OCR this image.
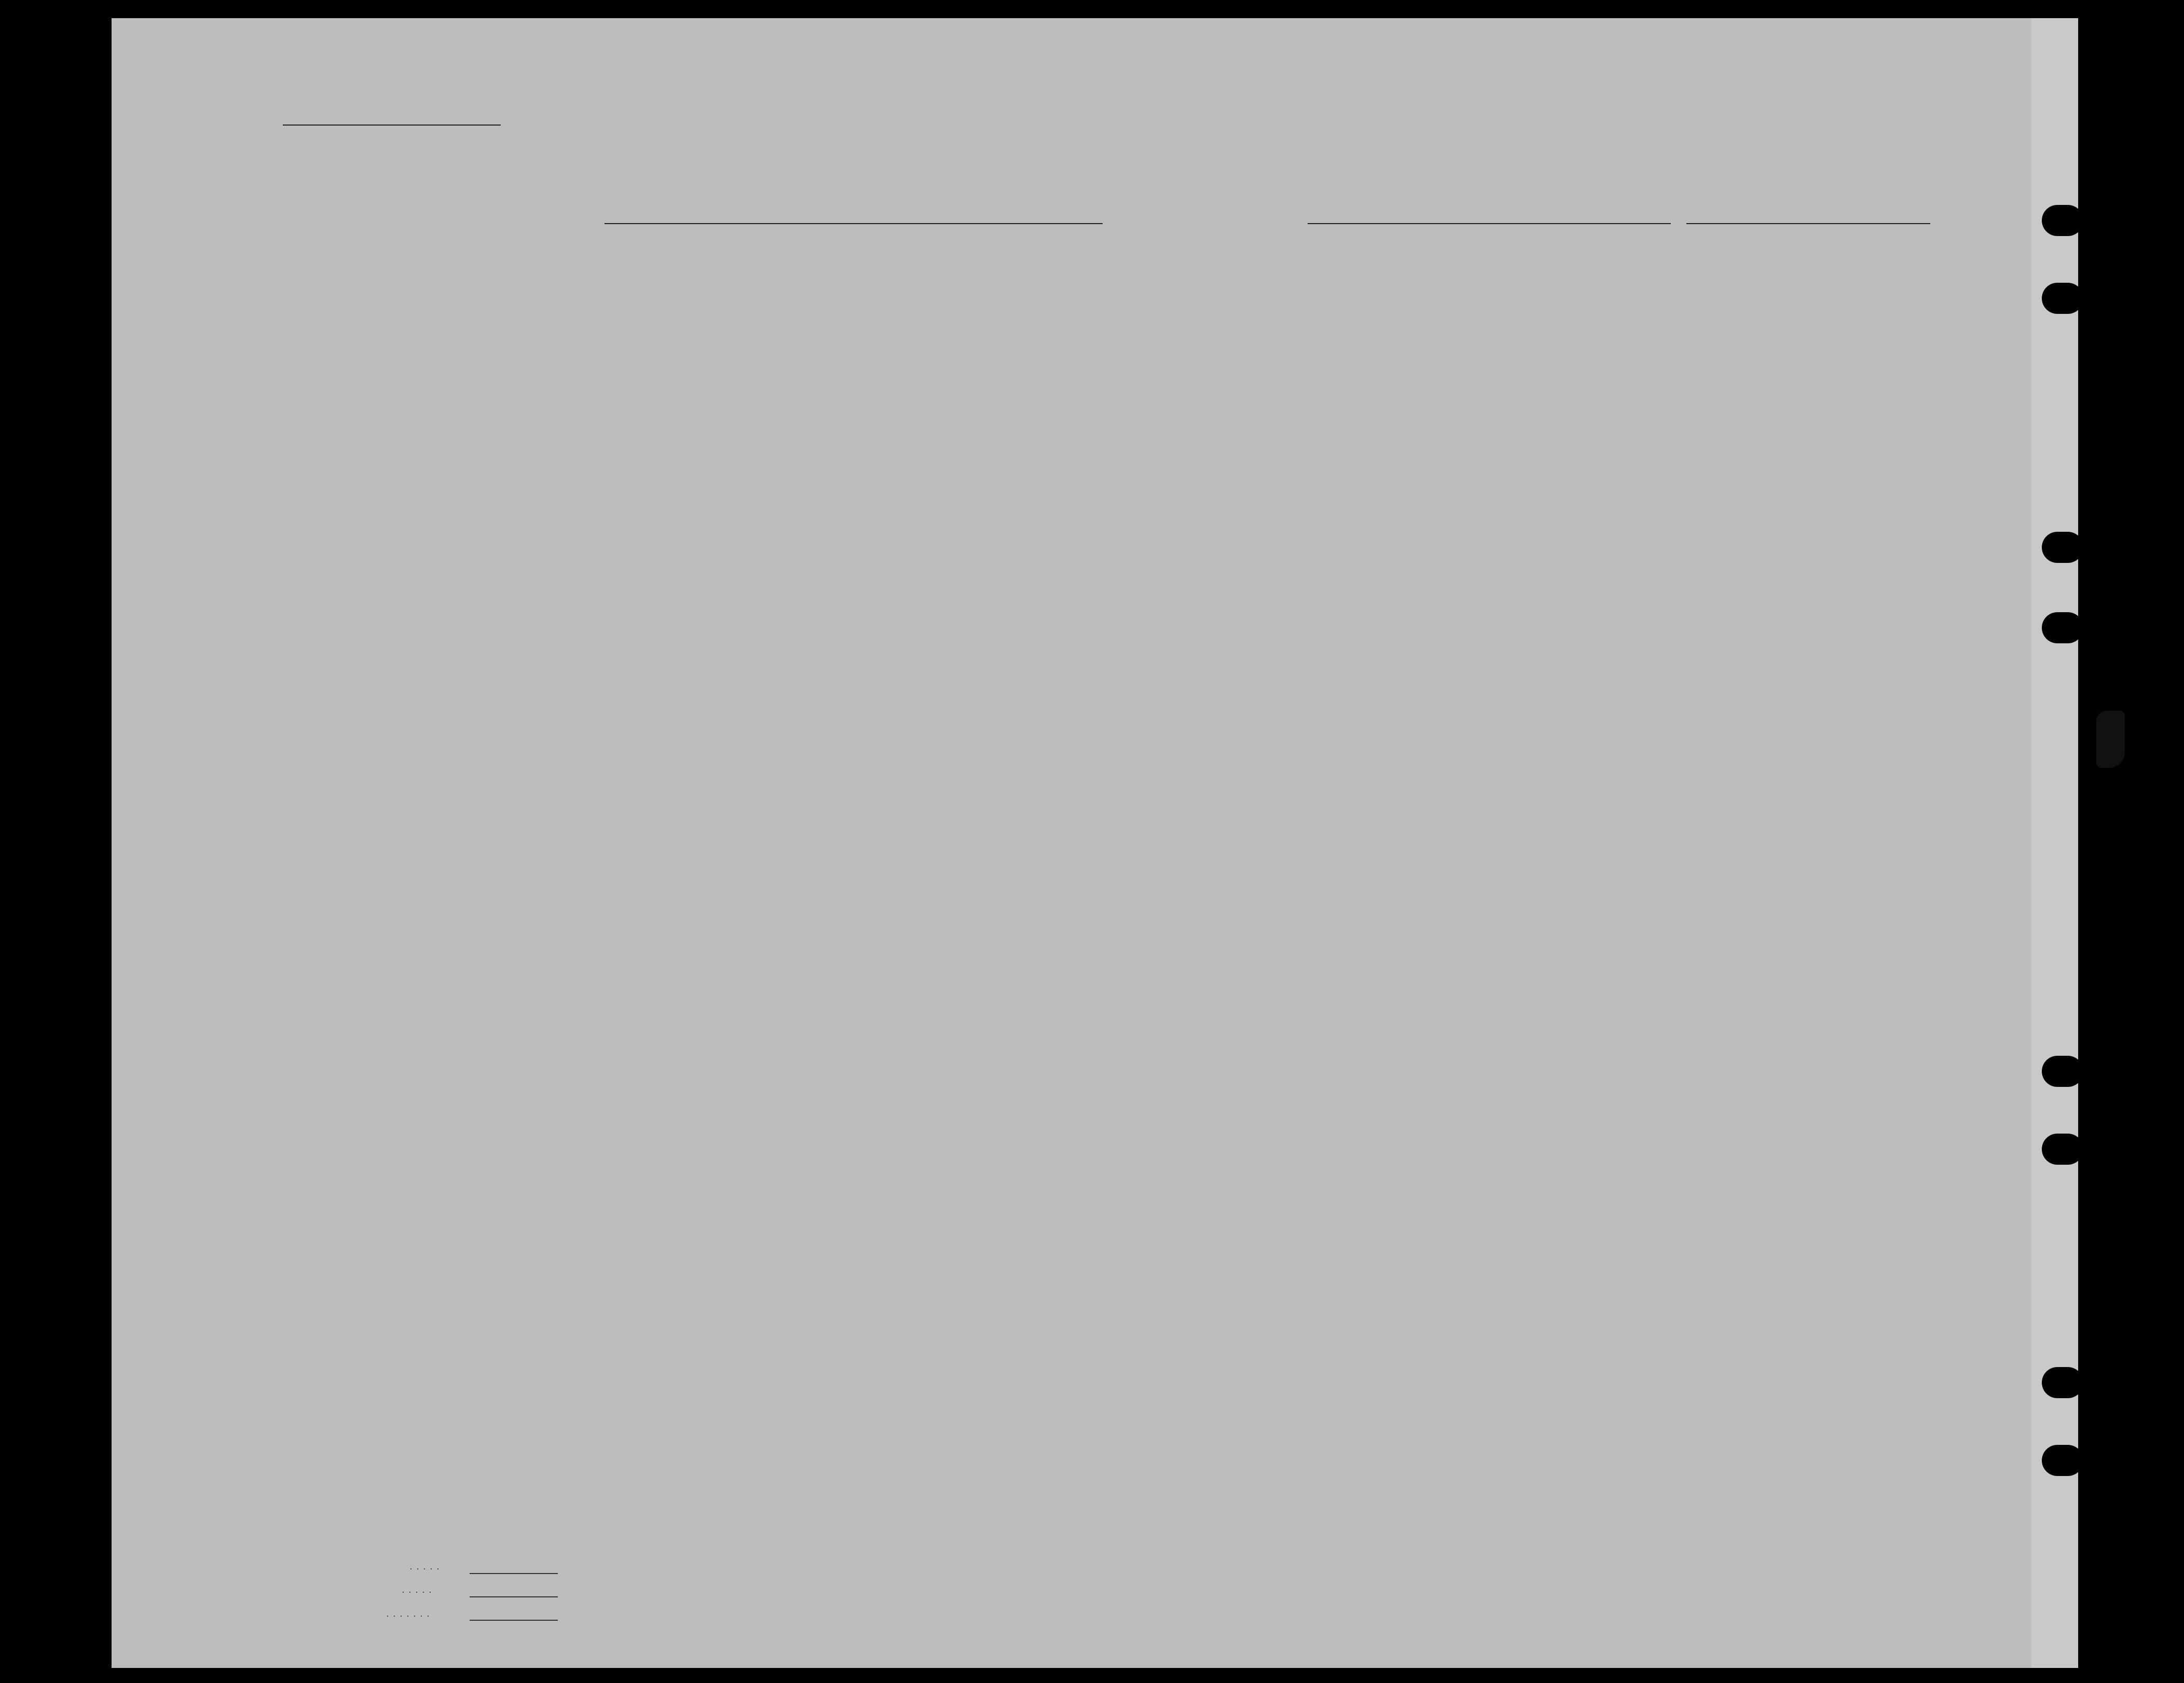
.....
.....
.......
